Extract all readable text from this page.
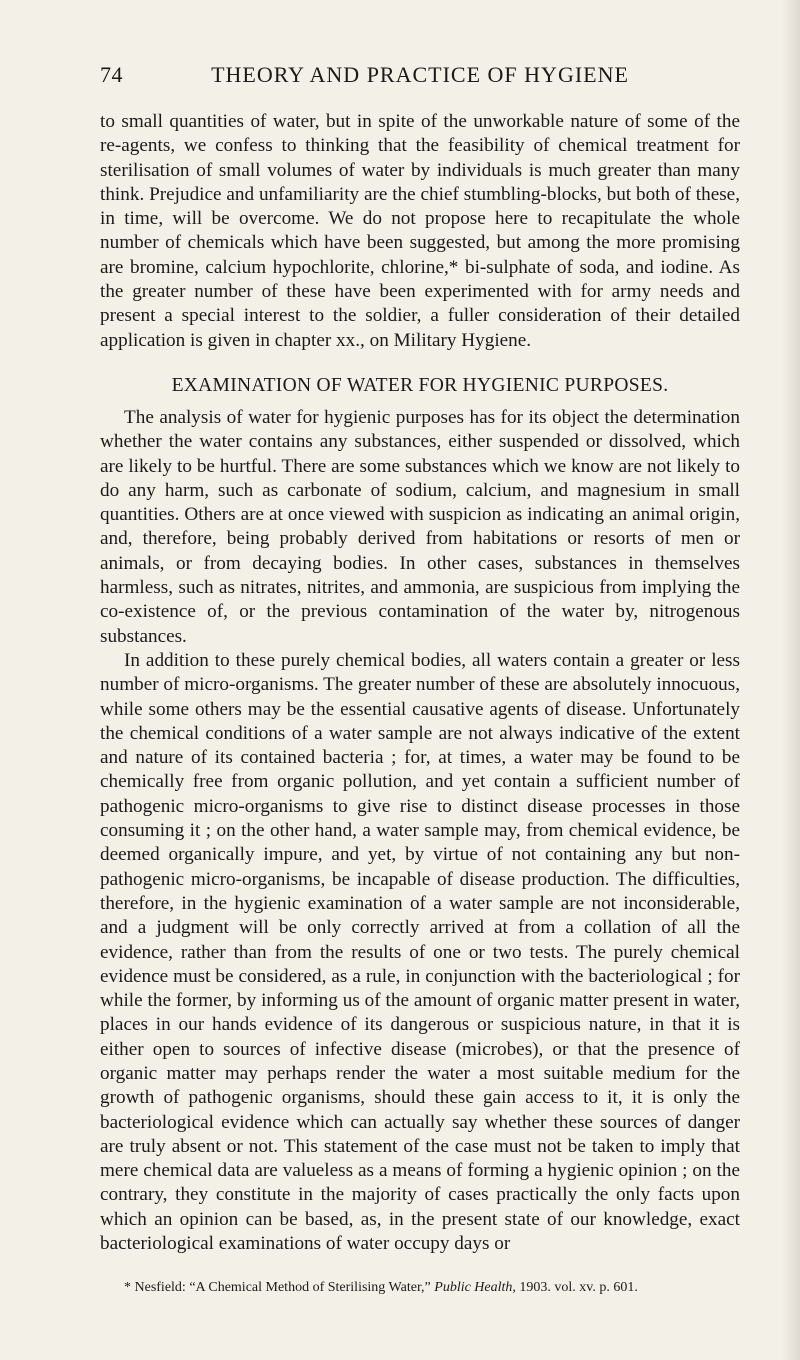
74	THEORY AND PRACTICE OF HYGIENE

to small quantities of water, but in spite of the unworkable nature of some of the re-agents, we confess to thinking that the feasibility of chemical treatment for sterilisation of small volumes of water by individuals is much greater than many think. Prejudice and unfamiliarity are the chief stumbling-blocks, but both of these, in time, will be overcome. We do not propose here to recapitulate the whole number of chemicals which have been suggested, but among the more promising are bromine, calcium hypochlorite, chlorine,* bi-sulphate of soda, and iodine. As the greater number of these have been experimented with for army needs and present a special interest to the soldier, a fuller consideration of their detailed application is given in chapter xx., on Military Hygiene.

EXAMINATION OF WATER FOR HYGIENIC PURPOSES.

The analysis of water for hygienic purposes has for its object the determination whether the water contains any substances, either suspended or dissolved, which are likely to be hurtful. There are some substances which we know are not likely to do any harm, such as carbonate of sodium, calcium, and magnesium in small quantities. Others are at once viewed with suspicion as indicating an animal origin, and, therefore, being probably derived from habitations or resorts of men or animals, or from decaying bodies. In other cases, substances in themselves harmless, such as nitrates, nitrites, and ammonia, are suspicious from implying the co-existence of, or the previous contamination of the water by, nitrogenous substances.

In addition to these purely chemical bodies, all waters contain a greater or less number of micro-organisms. The greater number of these are absolutely innocuous, while some others may be the essential causative agents of disease. Unfortunately the chemical conditions of a water sample are not always indicative of the extent and nature of its contained bacteria ; for, at times, a water may be found to be chemically free from organic pollution, and yet contain a sufficient number of pathogenic micro-organisms to give rise to distinct disease processes in those consuming it ; on the other hand, a water sample may, from chemical evidence, be deemed organically impure, and yet, by virtue of not containing any but non-pathogenic micro-organisms, be incapable of disease production. The difficulties, therefore, in the hygienic examination of a water sample are not inconsiderable, and a judgment will be only correctly arrived at from a collation of all the evidence, rather than from the results of one or two tests. The purely chemical evidence must be considered, as a rule, in conjunction with the bacteriological ; for while the former, by informing us of the amount of organic matter present in water, places in our hands evidence of its dangerous or suspicious nature, in that it is either open to sources of infective disease (microbes), or that the presence of organic matter may perhaps render the water a most suitable medium for the growth of pathogenic organisms, should these gain access to it, it is only the bacteriological evidence which can actually say whether these sources of danger are truly absent or not. This statement of the case must not be taken to imply that mere chemical data are valueless as a means of forming a hygienic opinion ; on the contrary, they constitute in the majority of cases practically the only facts upon which an opinion can be based, as, in the present state of our knowledge, exact bacteriological examinations of water occupy days or

* Nesfield: “A Chemical Method of Sterilising Water,” Public Health, 1903. vol. xv. p. 601.
